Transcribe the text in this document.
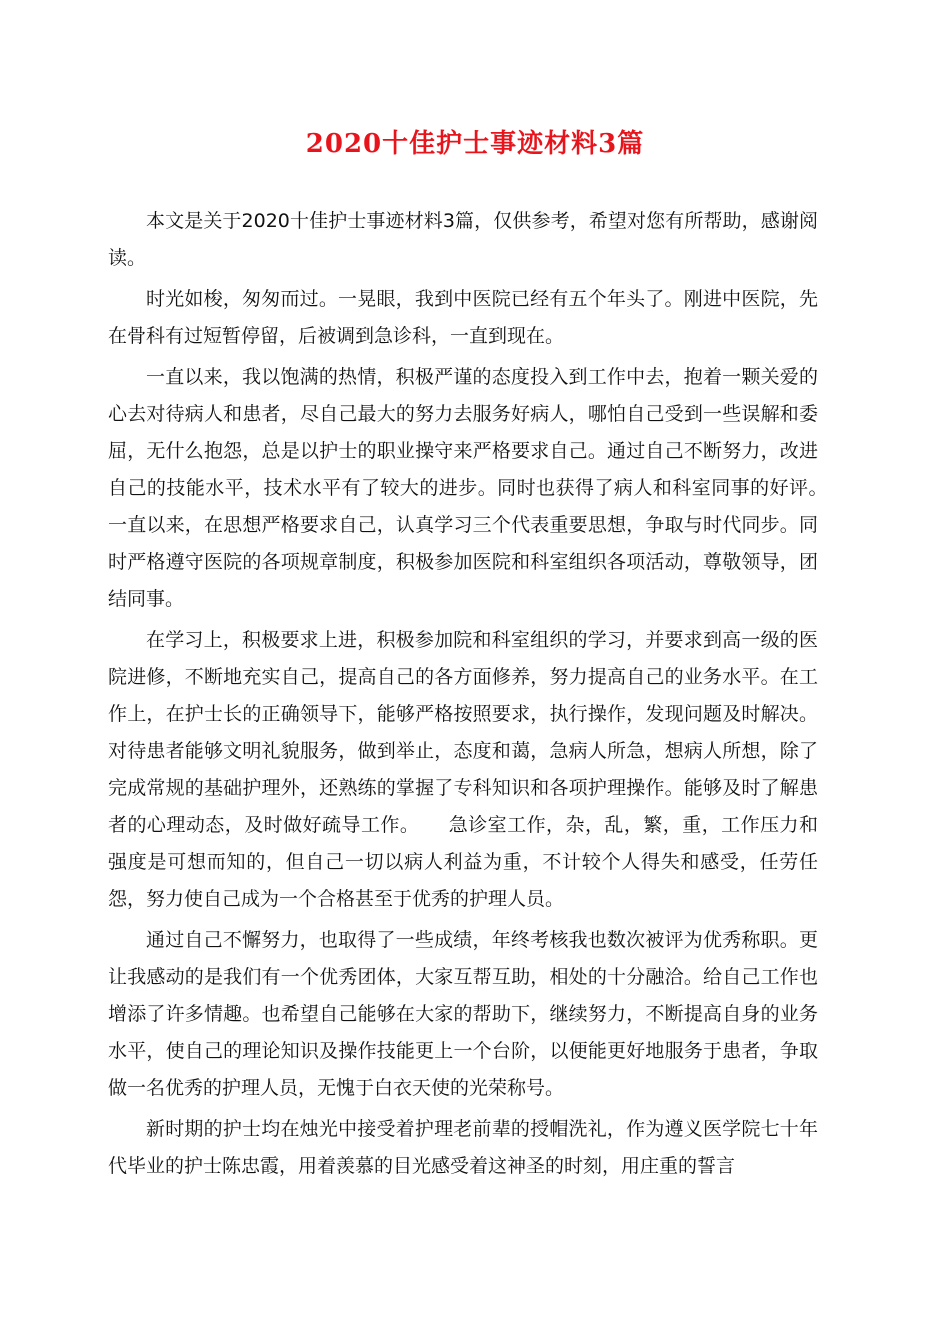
2020十佳护士事迹材料3篇

本文是关于2020十佳护士事迹材料3篇，仅供参考，希望对您有所帮助，感谢阅读。

时光如梭，匆匆而过。一晃眼，我到中医院已经有五个年头了。刚进中医院，先在骨科有过短暂停留，后被调到急诊科，一直到现在。

一直以来，我以饱满的热情，积极严谨的态度投入到工作中去，抱着一颗关爱的心去对待病人和患者，尽自己最大的努力去服务好病人，哪怕自己受到一些误解和委屈，无什么抱怨，总是以护士的职业操守来严格要求自己。通过自己不断努力，改进自己的技能水平，技术水平有了较大的进步。同时也获得了病人和科室同事的好评。　　一直以来，在思想严格要求自己，认真学习三个代表重要思想，争取与时代同步。同时严格遵守医院的各项规章制度，积极参加医院和科室组织各项活动，尊敬领导，团结同事。

在学习上，积极要求上进，积极参加院和科室组织的学习，并要求到高一级的医院进修，不断地充实自己，提高自己的各方面修养，努力提高自己的业务水平。在工作上，在护士长的正确领导下，能够严格按照要求，执行操作，发现问题及时解决。对待患者能够文明礼貌服务，做到举止，态度和蔼，急病人所急，想病人所想，除了完成常规的基础护理外，还熟练的掌握了专科知识和各项护理操作。能够及时了解患者的心理动态，及时做好疏导工作。　　急诊室工作，杂，乱，繁，重，工作压力和强度是可想而知的，但自己一切以病人利益为重，不计较个人得失和感受，任劳任怨，努力使自己成为一个合格甚至于优秀的护理人员。

通过自己不懈努力，也取得了一些成绩，年终考核我也数次被评为优秀称职。更让我感动的是我们有一个优秀团体，大家互帮互助，相处的十分融洽。给自己工作也增添了许多情趣。也希望自己能够在大家的帮助下，继续努力，不断提高自身的业务水平，使自己的理论知识及操作技能更上一个台阶，以便能更好地服务于患者，争取做一名优秀的护理人员，无愧于白衣天使的光荣称号。

新时期的护士均在烛光中接受着护理老前辈的授帽洗礼，作为遵义医学院七十年代毕业的护士陈忠霞，用着羡慕的目光感受着这神圣的时刻，用庄重的誓言
